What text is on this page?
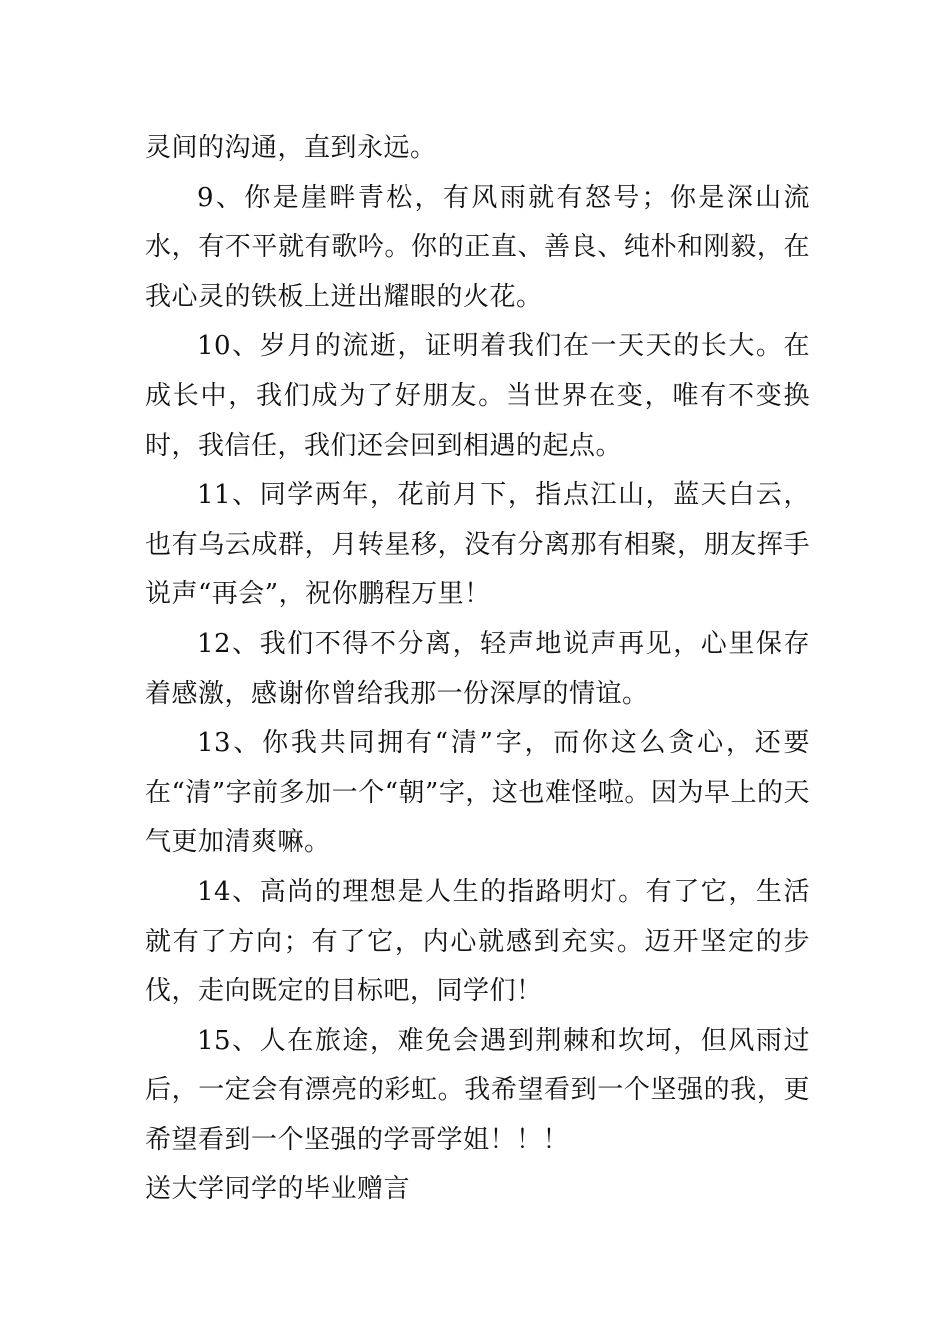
灵间的沟通，直到永远。

9、你是崖畔青松，有风雨就有怒号；你是深山流水，有不平就有歌吟。你的正直、善良、纯朴和刚毅，在我心灵的铁板上迸出耀眼的火花。

10、岁月的流逝，证明着我们在一天天的长大。在成长中，我们成为了好朋友。当世界在变，唯有不变换时，我信任，我们还会回到相遇的起点。

11、同学两年，花前月下，指点江山，蓝天白云，也有乌云成群，月转星移，没有分离那有相聚，朋友挥手说声“再会”，祝你鹏程万里！

12、我们不得不分离，轻声地说声再见，心里保存着感激，感谢你曾给我那一份深厚的情谊。

13、你我共同拥有“清”字，而你这么贪心，还要在“清”字前多加一个“朝”字，这也难怪啦。因为早上的天气更加清爽嘛。

14、高尚的理想是人生的指路明灯。有了它，生活就有了方向；有了它，内心就感到充实。迈开坚定的步伐，走向既定的目标吧，同学们！

15、人在旅途，难免会遇到荆棘和坎坷，但风雨过后，一定会有漂亮的彩虹。我希望看到一个坚强的我，更希望看到一个坚强的学哥学姐！！！

送大学同学的毕业赠言
